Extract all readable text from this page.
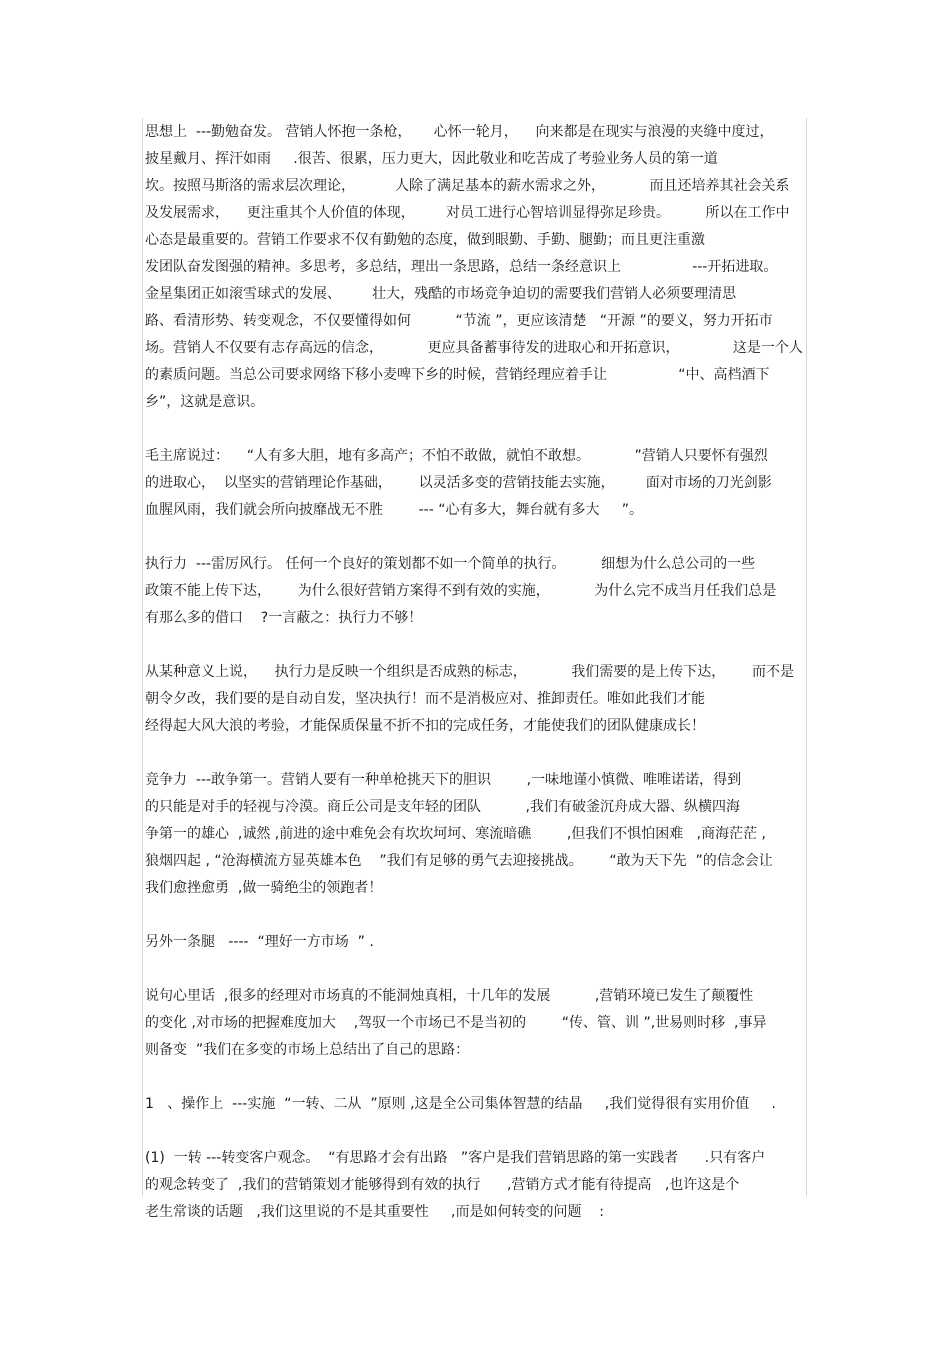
思想上  ---勤勉奋发。 营销人怀抱一条枪，     心怀一轮月，    向来都是在现实与浪漫的夹缝中度过，
披星戴月、挥汗如雨     .很苦、很累，压力更大，因此敬业和吃苦成了考验业务人员的第一道
坎。按照马斯洛的需求层次理论，         人除了满足基本的薪水需求之外，          而且还培养其社会关系
及发展需求，    更注重其个人价值的体现，       对员工进行心智培训显得弥足珍贵。        所以在工作中
心态是最重要的。营销工作要求不仅有勤勉的态度，做到眼勤、手勤、腿勤；而且更注重激
发团队奋发图强的精神。多思考，多总结，理出一条思路，总结一条经意识上                ---开拓进取。
金星集团正如滚雪球式的发展、       壮大，残酷的市场竞争迫切的需要我们营销人必须要理清思
路、看清形势、转变观念，不仅要懂得如何          “节流 ”，更应该清楚   “开源 ”的要义，努力开拓市
场。营销人不仅要有志存高远的信念，          更应具备蓄事待发的进取心和开拓意识，            这是一个人
的素质问题。当总公司要求网络下移小麦啤下乡的时候，营销经理应着手让                “中、高档酒下
乡”，这就是意识。
毛主席说过：    “人有多大胆，地有多高产；不怕不敢做，就怕不敢想。          ”营销人只要怀有强烈
的进取心，  以坚实的营销理论作基础，      以灵活多变的营销技能去实施，       面对市场的刀光剑影
血腥风雨，我们就会所向披靡战无不胜        --- “心有多大，舞台就有多大     ”。
执行力  ---雷厉风行。 任何一个良好的策划都不如一个简单的执行。        细想为什么总公司的一些
政策不能上传下达，      为什么很好营销方案得不到有效的实施，          为什么完不成当月任我们总是
有那么多的借口    ?一言蔽之：执行力不够！
从某种意义上说，    执行力是反映一个组织是否成熟的标志，          我们需要的是上传下达，      而不是
朝令夕改，我们要的是自动自发，坚决执行！而不是消极应对、推卸责任。唯如此我们才能
经得起大风大浪的考验，才能保质保量不折不扣的完成任务，才能使我们的团队健康成长！
竞争力  ---敢争第一。营销人要有一种单枪挑天下的胆识        ,一味地谨小慎微、唯唯诺诺，得到
的只能是对手的轻视与冷漠。商丘公司是支年轻的团队          ,我们有破釜沉舟成大器、纵横四海
争第一的雄心  ,诚然 ,前进的途中难免会有坎坎坷坷、寒流暗礁        ,但我们不惧怕困难   ,商海茫茫 ,
狼烟四起 , “沧海横流方显英雄本色    ”我们有足够的勇气去迎接挑战。      “敢为天下先  ”的信念会让
我们愈挫愈勇  ,做一骑绝尘的领跑者！
另外一条腿   ----  “理好一方市场  ” .
说句心里话  ,很多的经理对市场真的不能洞烛真相，十几年的发展          ,营销环境已发生了颠覆性
的变化 ,对市场的把握难度加大    ,驾驭一个市场已不是当初的        “传、管、训 ”,世易则时移  ,事异
则备变  ”我们在多变的市场上总结出了自己的思路：
1   、操作上  ---实施  “一转、二从  ”原则 ,这是全公司集体智慧的结晶     ,我们觉得很有实用价值     .
(1)  一转 ---转变客户观念。  “有思路才会有出路   ”客户是我们营销思路的第一实践者      .只有客户
的观念转变了  ,我们的营销策划才能够得到有效的执行      ,营销方式才能有待提高   ,也许这是个
老生常谈的话题   ,我们这里说的不是其重要性     ,而是如何转变的问题    :
